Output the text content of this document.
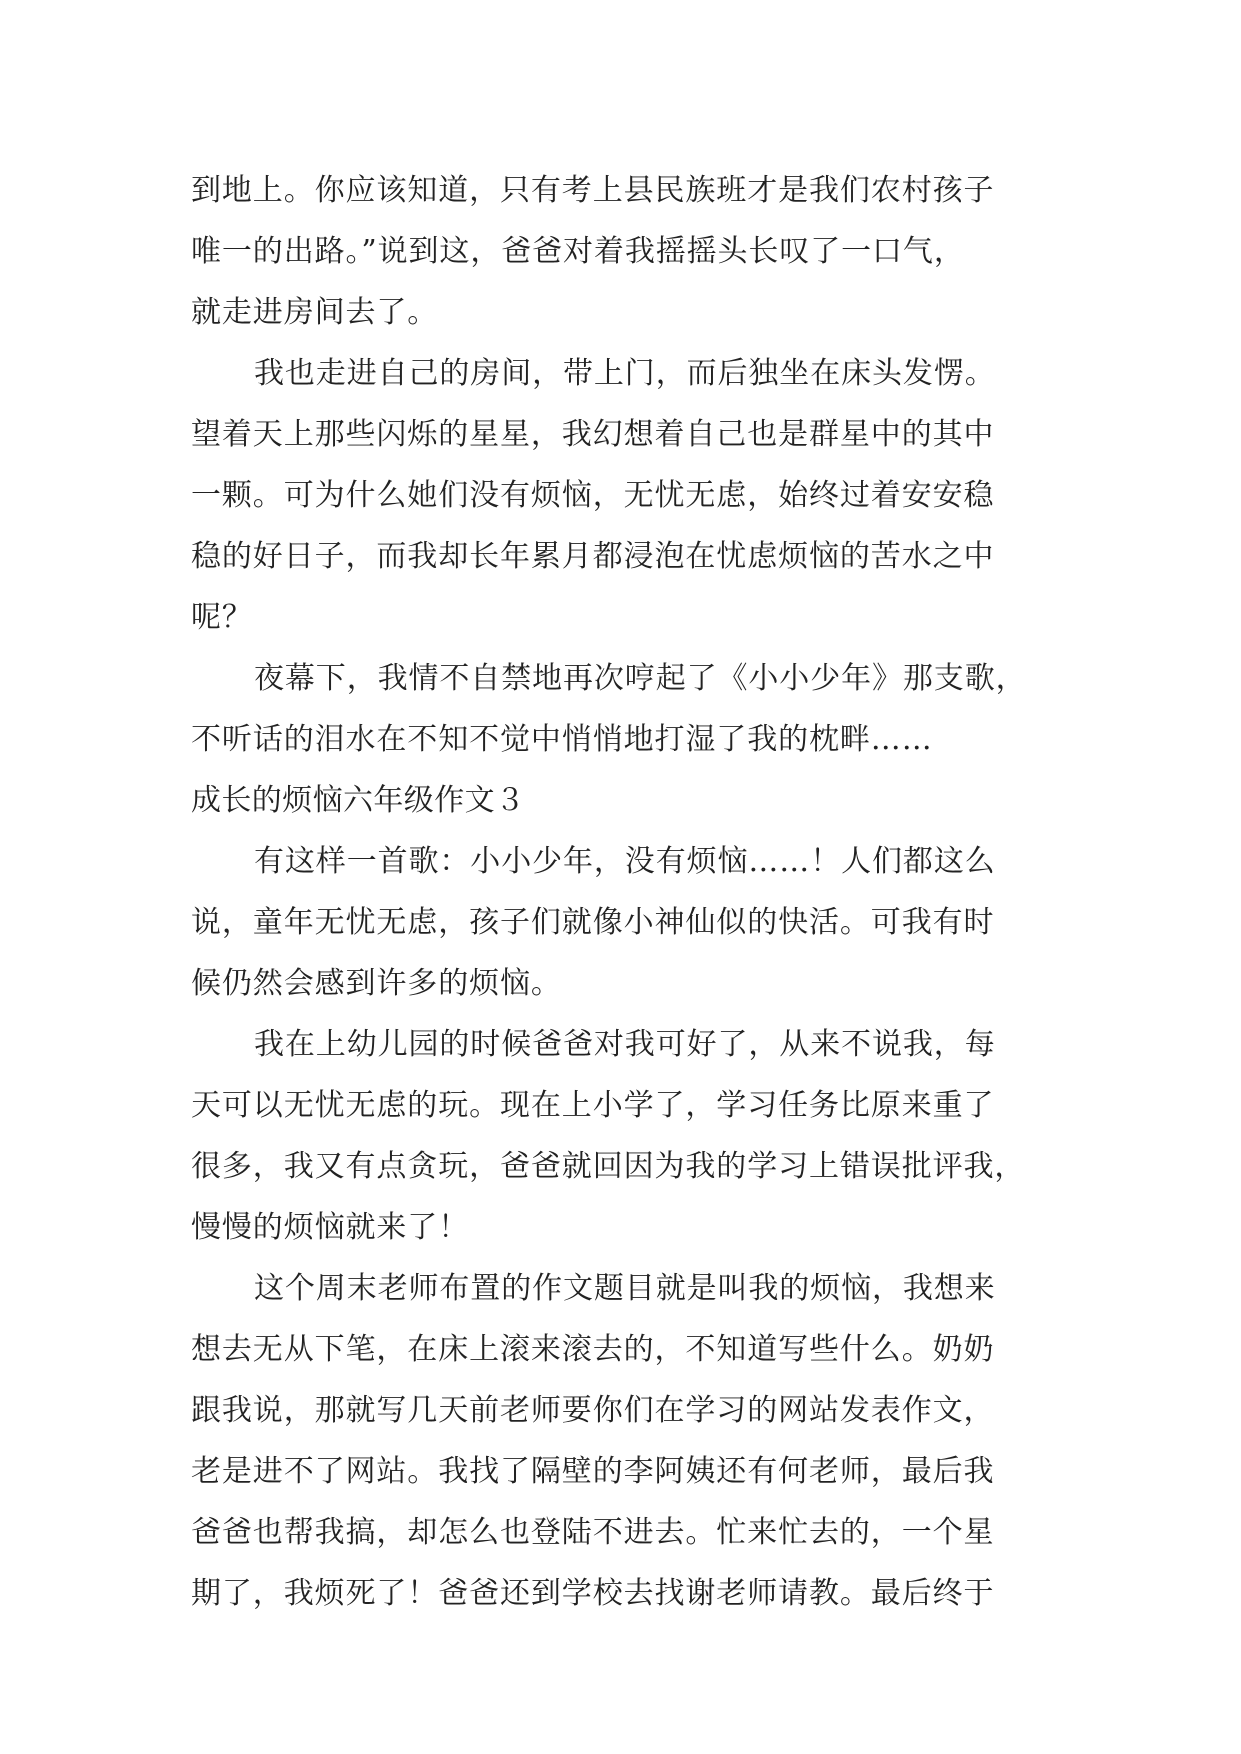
到地上。你应该知道，只有考上县民族班才是我们农村孩子
唯一的出路。”说到这，爸爸对着我摇摇头长叹了一口气，
就走进房间去了。
我也走进自己的房间，带上门，而后独坐在床头发愣。
望着天上那些闪烁的星星，我幻想着自己也是群星中的其中
一颗。可为什么她们没有烦恼，无忧无虑，始终过着安安稳
稳的好日子，而我却长年累月都浸泡在忧虑烦恼的苦水之中
呢？
夜幕下，我情不自禁地再次哼起了《小小少年》那支歌，
不听话的泪水在不知不觉中悄悄地打湿了我的枕畔……
成长的烦恼六年级作文３
有这样一首歌：小小少年，没有烦恼……！人们都这么
说，童年无忧无虑，孩子们就像小神仙似的快活。可我有时
候仍然会感到许多的烦恼。
我在上幼儿园的时候爸爸对我可好了，从来不说我，每
天可以无忧无虑的玩。现在上小学了，学习任务比原来重了
很多，我又有点贪玩，爸爸就回因为我的学习上错误批评我，
慢慢的烦恼就来了！
这个周末老师布置的作文题目就是叫我的烦恼，我想来
想去无从下笔，在床上滚来滚去的，不知道写些什么。奶奶
跟我说，那就写几天前老师要你们在学习的网站发表作文，
老是进不了网站。我找了隔壁的李阿姨还有何老师，最后我
爸爸也帮我搞，却怎么也登陆不进去。忙来忙去的，一个星
期了，我烦死了！爸爸还到学校去找谢老师请教。最后终于
